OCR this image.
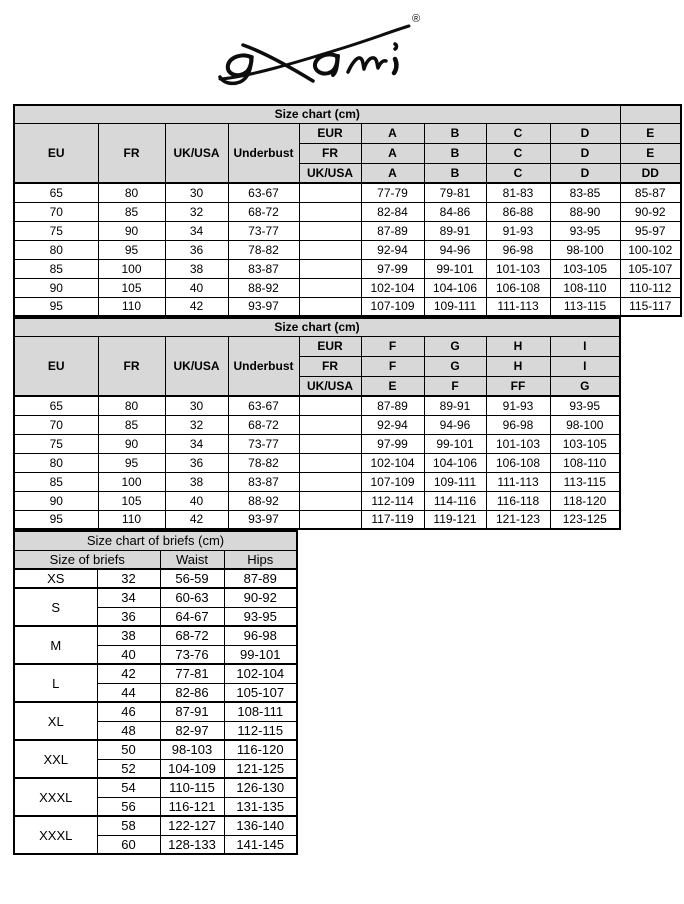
®
Size chart (cm)									
EU	FR	UK/USA	Underbust	EUR	A	B	C	D	E
				FR	A	B	C	D	E
				UK/USA	A	B	C	D	DD
65	80	30	63-67		77-79	79-81	81-83	83-85	85-87
70	85	32	68-72		82-84	84-86	86-88	88-90	90-92
75	90	34	73-77		87-89	89-91	91-93	93-95	95-97
80	95	36	78-82		92-94	94-96	96-98	98-100	100-102
85	100	38	83-87		97-99	99-101	101-103	103-105	105-107
90	105	40	88-92		102-104	104-106	106-108	108-110	110-112
95	110	42	93-97		107-109	109-111	111-113	113-115	115-117
Size chart (cm)								
EU	FR	UK/USA	Underbust	EUR	F	G	H	I
				FR	F	G	H	I
				UK/USA	E	F	FF	G
65	80	30	63-67		87-89	89-91	91-93	93-95
70	85	32	68-72		92-94	94-96	96-98	98-100
75	90	34	73-77		97-99	99-101	101-103	103-105
80	95	36	78-82		102-104	104-106	106-108	108-110
85	100	38	83-87		107-109	109-111	111-113	113-115
90	105	40	88-92		112-114	114-116	116-118	118-120
95	110	42	93-97		117-119	119-121	121-123	123-125
Size chart of briefs (cm)			
Size of briefs		Waist	Hips
XS	32	56-59	87-89
S	34	60-63	90-92
	36	64-67	93-95
M	38	68-72	96-98
	40	73-76	99-101
L	42	77-81	102-104
	44	82-86	105-107
XL	46	87-91	108-111
	48	82-97	112-115
XXL	50	98-103	116-120
	52	104-109	121-125
XXXL	54	110-115	126-130
	56	116-121	131-135
XXXL	58	122-127	136-140
	60	128-133	141-145
